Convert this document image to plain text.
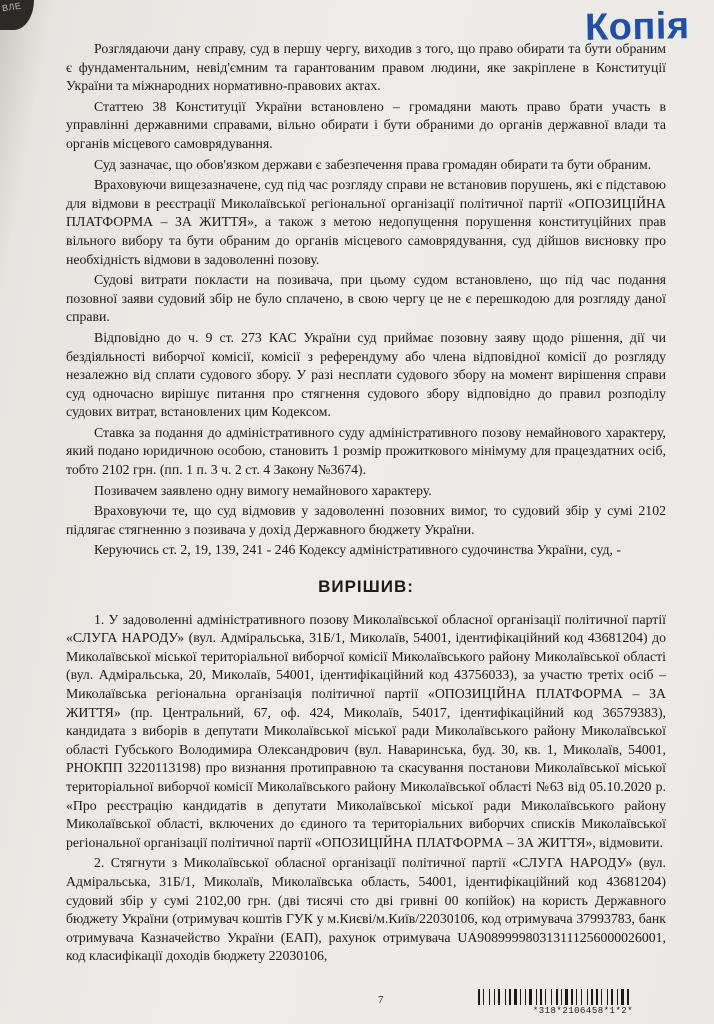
ВЛЕ	Копія

Розглядаючи дану справу, суд в першу чергу, виходив з того, що право обирати та бути обраним є фундаментальним, невід'ємним та гарантованим правом людини, яке закріплене в Конституції України та міжнародних нормативно-правових актах.

Статтею 38 Конституції України встановлено – громадяни мають право брати участь в управлінні державними справами, вільно обирати і бути обраними до органів державної влади та органів місцевого самоврядування.

Суд зазначає, що обов'язком держави є забезпечення права громадян обирати та бути обраним.

Враховуючи вищезазначене, суд під час розгляду справи не встановив порушень, які є підставою для відмови в реєстрації Миколаївської регіональної організації політичної партії «ОПОЗИЦІЙНА ПЛАТФОРМА – ЗА ЖИТТЯ», а також з метою недопущення порушення конституційних прав вільного вибору та бути обраним до органів місцевого самоврядування, суд дійшов висновку про необхідність відмови в задоволенні позову.

Судові витрати покласти на позивача, при цьому судом встановлено, що під час подання позовної заяви судовий збір не було сплачено, в свою чергу це не є перешкодою для розгляду даної справи.

Відповідно до ч. 9 ст. 273 КАС України суд приймає позовну заяву щодо рішення, дії чи бездіяльності виборчої комісії, комісії з референдуму або члена відповідної комісії до розгляду незалежно від сплати судового збору. У разі несплати судового збору на момент вирішення справи суд одночасно вирішує питання про стягнення судового збору відповідно до правил розподілу судових витрат, встановлених цим Кодексом.

Ставка за подання до адміністративного суду адміністративного позову немайнового характеру, який подано юридичною особою, становить 1 розмір прожиткового мінімуму для працездатних осіб, тобто 2102 грн. (пп. 1 п. 3 ч. 2 ст. 4 Закону №3674).

Позивачем заявлено одну вимогу немайнового характеру.

Враховуючи те, що суд відмовив у задоволенні позовних вимог, то судовий збір у сумі 2102 підлягає стягненню з позивача у дохід Державного бюджету України.

Керуючись ст. 2, 19, 139, 241 - 246 Кодексу адміністративного судочинства України, суд, -

ВИРІШИВ:

1. У задоволенні адміністративного позову Миколаївської обласної організації політичної партії «СЛУГА НАРОДУ» (вул. Адміральська, 31Б/1, Миколаїв, 54001, ідентифікаційний код 43681204) до Миколаївської міської територіальної виборчої комісії Миколаївського району Миколаївської області (вул. Адміральська, 20, Миколаїв, 54001, ідентифікаційний код 43756033), за участю третіх осіб – Миколаївська регіональна організація політичної партії «ОПОЗИЦІЙНА ПЛАТФОРМА – ЗА ЖИТТЯ» (пр. Центральний, 67, оф. 424, Миколаїв, 54017, ідентифікаційний код 36579383), кандидата з виборів в депутати Миколаївської міської ради Миколаївського району Миколаївської області Губського Володимира Олександрович (вул. Наваринська, буд. 30, кв. 1, Миколаїв, 54001, РНОКПП 3220113198) про визнання протиправною та скасування постанови Миколаївської міської територіальної виборчої комісії Миколаївського району Миколаївської області №63 від 05.10.2020 р. «Про реєстрацію кандидатів в депутати Миколаївської міської ради Миколаївського району Миколаївської області, включених до єдиного та територіальних виборчих списків Миколаївської регіональної організації політичної партії «ОПОЗИЦІЙНА ПЛАТФОРМА – ЗА ЖИТТЯ», відмовити.

2. Стягнути з Миколаївської обласної організації політичної партії «СЛУГА НАРОДУ» (вул. Адміральська, 31Б/1, Миколаїв, Миколаївська область, 54001, ідентифікаційний код 43681204) судовий збір у сумі 2102,00 грн. (дві тисячі сто дві гривні 00 копійок) на користь Державного бюджету України (отримувач коштів ГУК у м.Києві/м.Київ/22030106, код отримувача 37993783, банк отримувача Казначейство України (ЕАП), рахунок отримувача UA908999980313111256000026001, код класифікації доходів бюджету 22030106,

7
*318*2106458*1*2*
